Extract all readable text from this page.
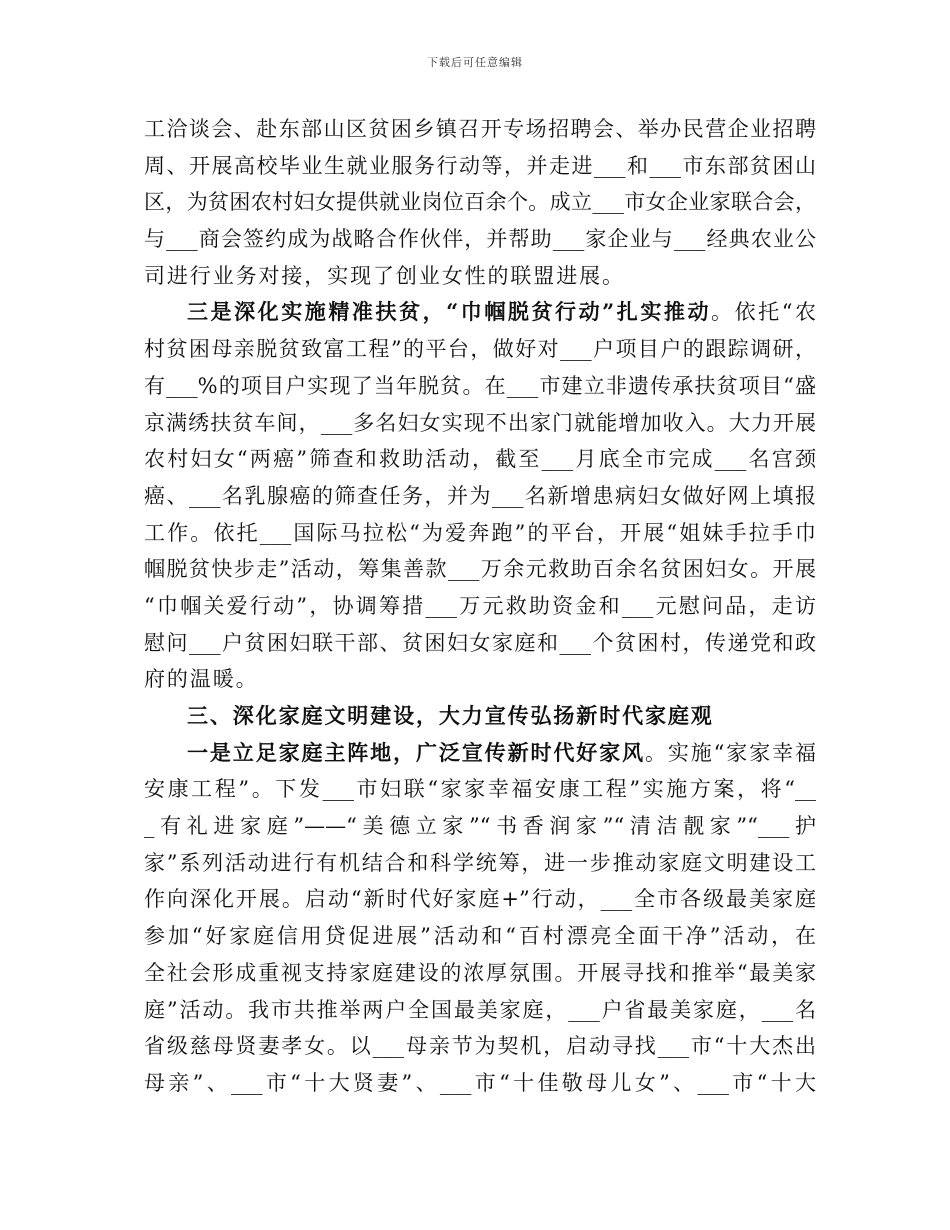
下载后可任意编辑
工洽谈会、赴东部山区贫困乡镇召开专场招聘会、举办民营企业招聘
周、开展高校毕业生就业服务行动等，并走进___和___市东部贫困山
区，为贫困农村妇女提供就业岗位百余个。成立___市女企业家联合会，
与___商会签约成为战略合作伙伴，并帮助___家企业与___经典农业公
司进行业务对接，实现了创业女性的联盟进展。
三是深化实施精准扶贫，“巾帼脱贫行动”扎实推动。依托“农
村贫困母亲脱贫致富工程”的平台，做好对___户项目户的跟踪调研，
有___%的项目户实现了当年脱贫。在___市建立非遗传承扶贫项目“盛
京满绣扶贫车间，___多名妇女实现不出家门就能增加收入。大力开展
农村妇女“两癌”筛查和救助活动，截至___月底全市完成___名宫颈
癌、___名乳腺癌的筛查任务，并为___名新增患病妇女做好网上填报
工作。依托___国际马拉松“为爱奔跑”的平台，开展“姐妹手拉手巾
帼脱贫快步走”活动，筹集善款___万余元救助百余名贫困妇女。开展
“巾帼关爱行动”，协调筹措___万元救助资金和___元慰问品，走访
慰问___户贫困妇联干部、贫困妇女家庭和___个贫困村，传递党和政
府的温暖。
三、深化家庭文明建设，大力宣传弘扬新时代家庭观
一是立足家庭主阵地，广泛宣传新时代好家风。实施“家家幸福
安康工程”。下发___市妇联“家家幸福安康工程”实施方案，将“__
_有礼进家庭”——“美德立家”“书香润家”“清洁靓家”“___护
家”系列活动进行有机结合和科学统筹，进一步推动家庭文明建设工
作向深化开展。启动“新时代好家庭+”行动，___全市各级最美家庭
参加“好家庭信用贷促进展”活动和“百村漂亮全面干净”活动，在
全社会形成重视支持家庭建设的浓厚氛围。开展寻找和推举“最美家
庭”活动。我市共推举两户全国最美家庭，___户省最美家庭，___名
省级慈母贤妻孝女。以___母亲节为契机，启动寻找___市“十大杰出
母亲”、___市“十大贤妻”、___市“十佳敬母儿女”、___市“十大
